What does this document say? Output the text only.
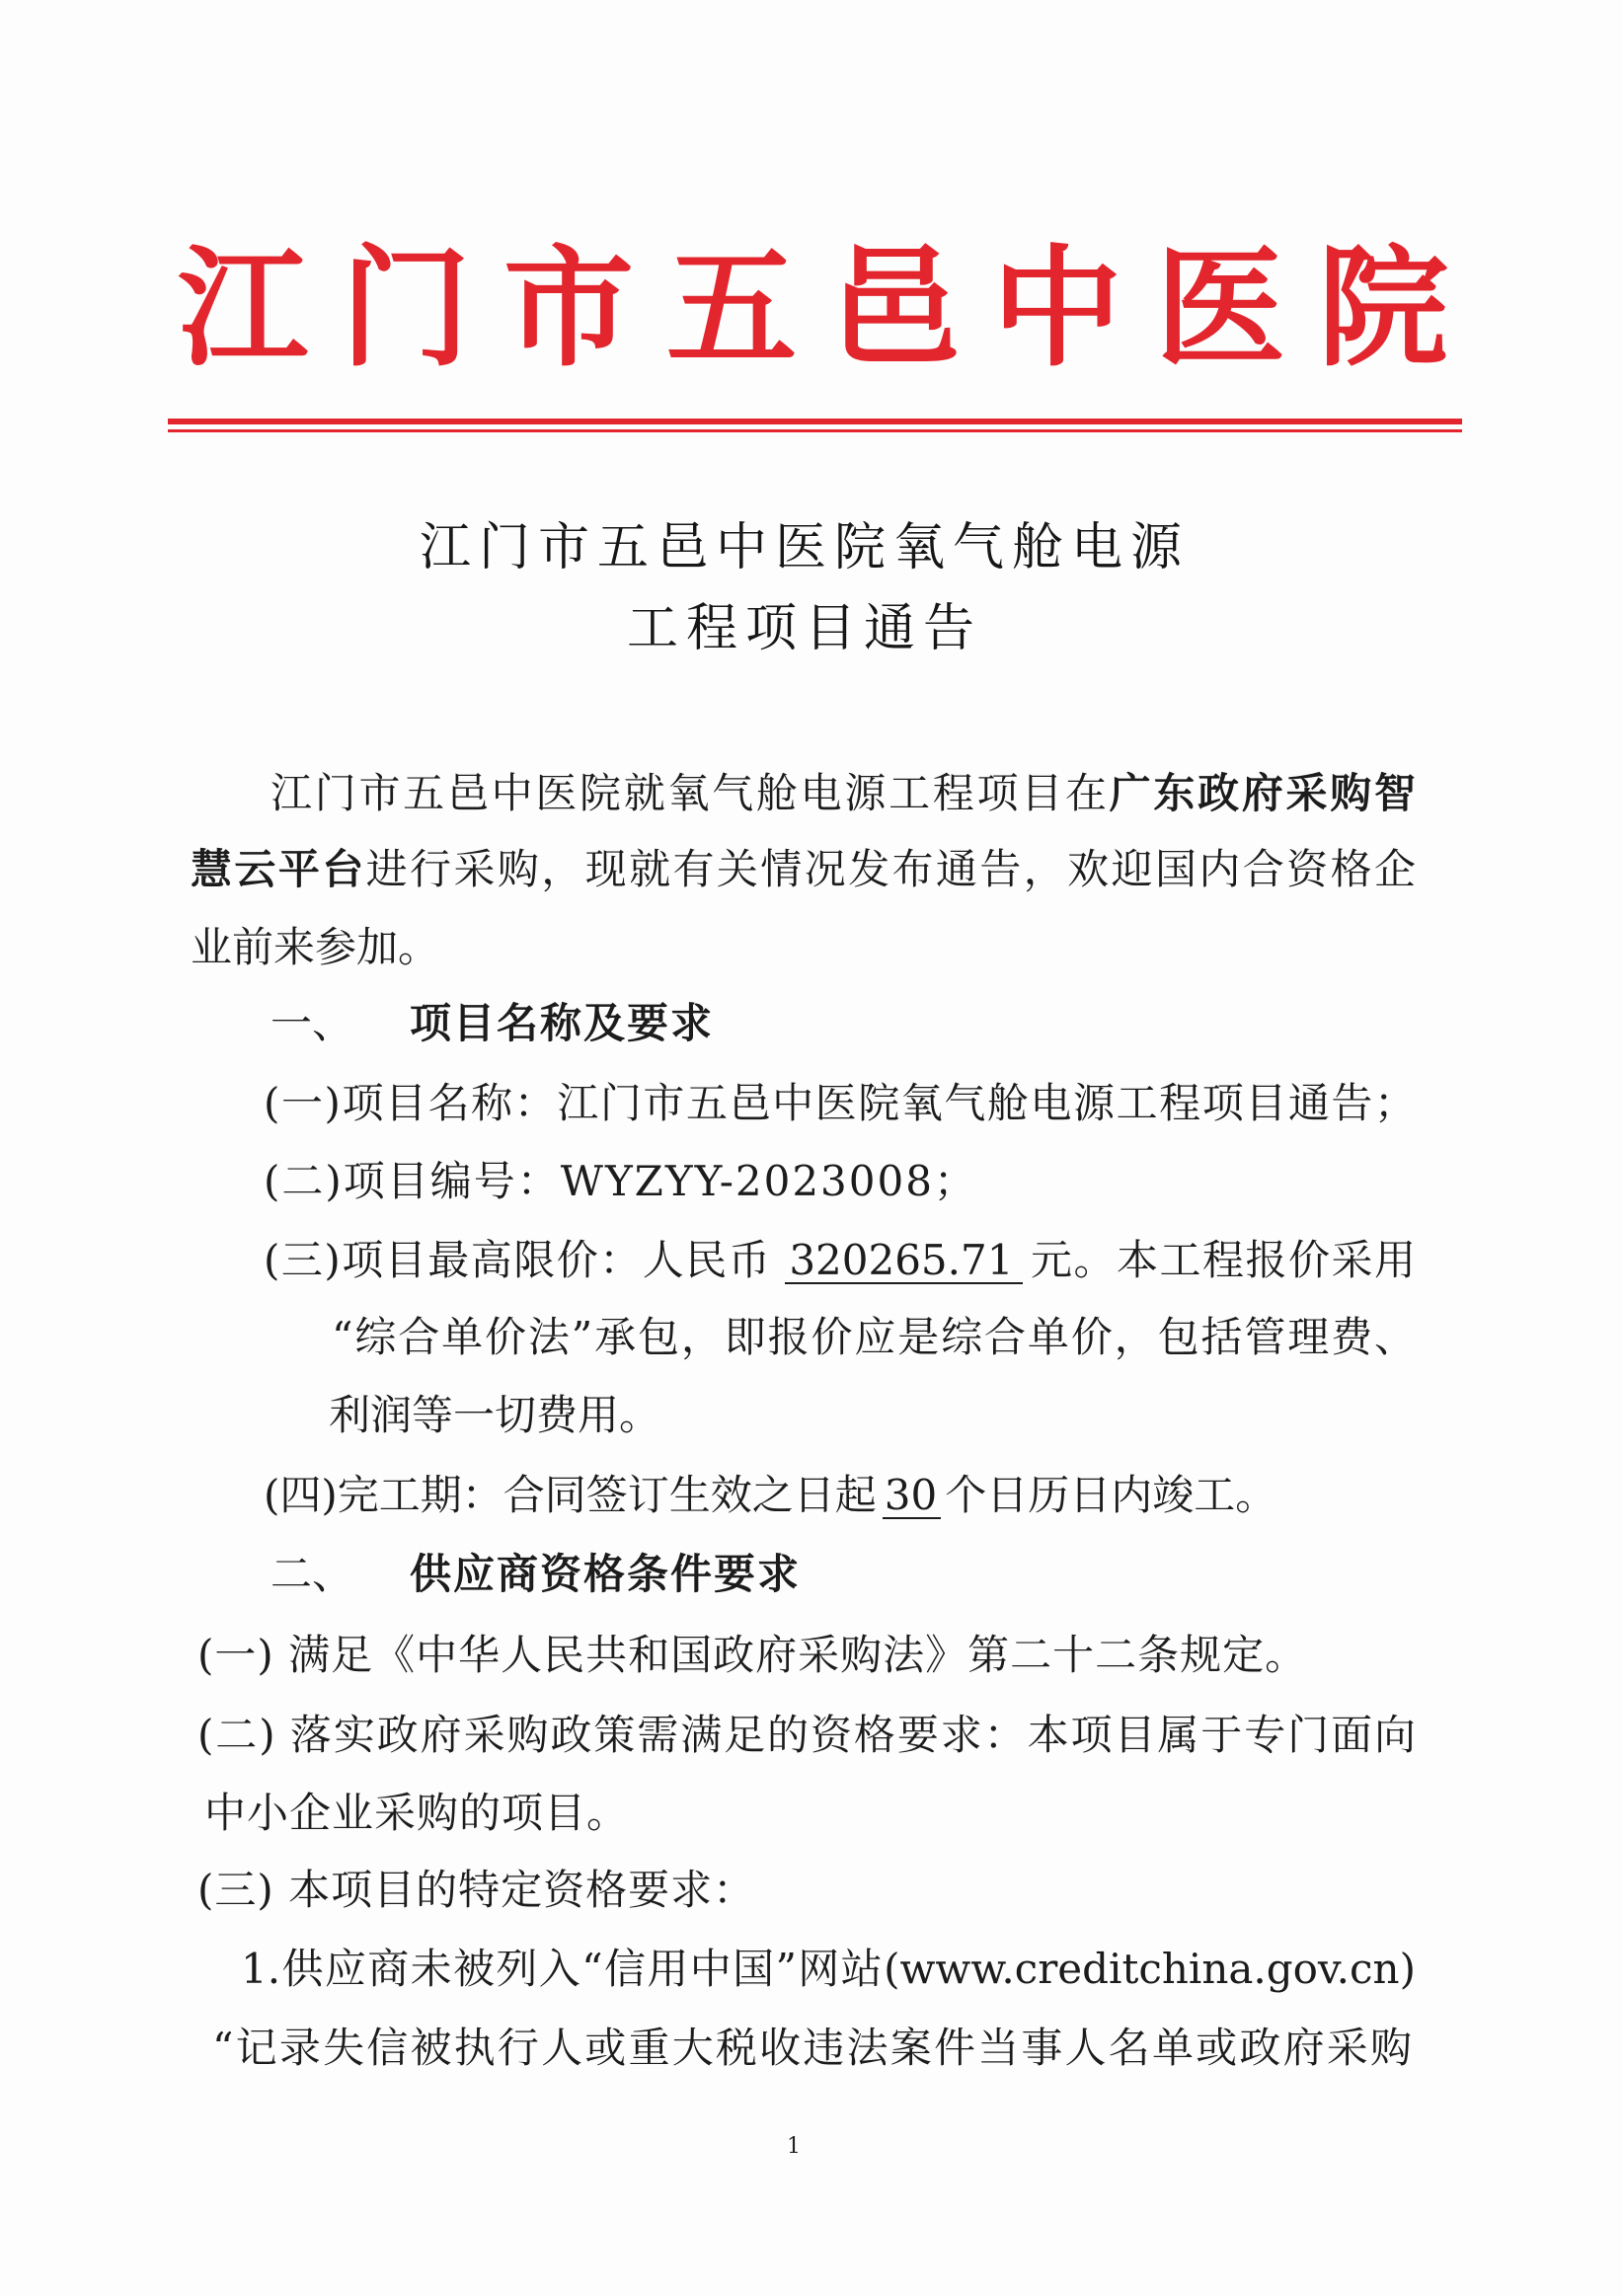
江门市五邑中医院
江门市五邑中医院氧气舱电源
工程项目通告
江门市五邑中医院就氧气舱电源工程项目在广东政府采购智
慧云平台进行采购，现就有关情况发布通告，欢迎国内合资格企
业前来参加。
一、 项目名称及要求
(一)项目名称：江门市五邑中医院氧气舱电源工程项目通告；
(二)项目编号：WYZYY-2023008；
(三)项目最高限价：人民币 320265.71 元。本工程报价采用
“综合单价法”承包，即报价应是综合单价，包括管理费、
利润等一切费用。
(四)完工期：合同签订生效之日起 30 个日历日内竣工。
二、 供应商资格条件要求
(一) 满足《中华人民共和国政府采购法》第二十二条规定。
(二) 落实政府采购政策需满足的资格要求：本项目属于专门面向
中小企业采购的项目。
(三) 本项目的特定资格要求：
1.供应商未被列入“信用中国”网站(www.creditchina.gov.cn)
“记录失信被执行人或重大税收违法案件当事人名单或政府采购
1
